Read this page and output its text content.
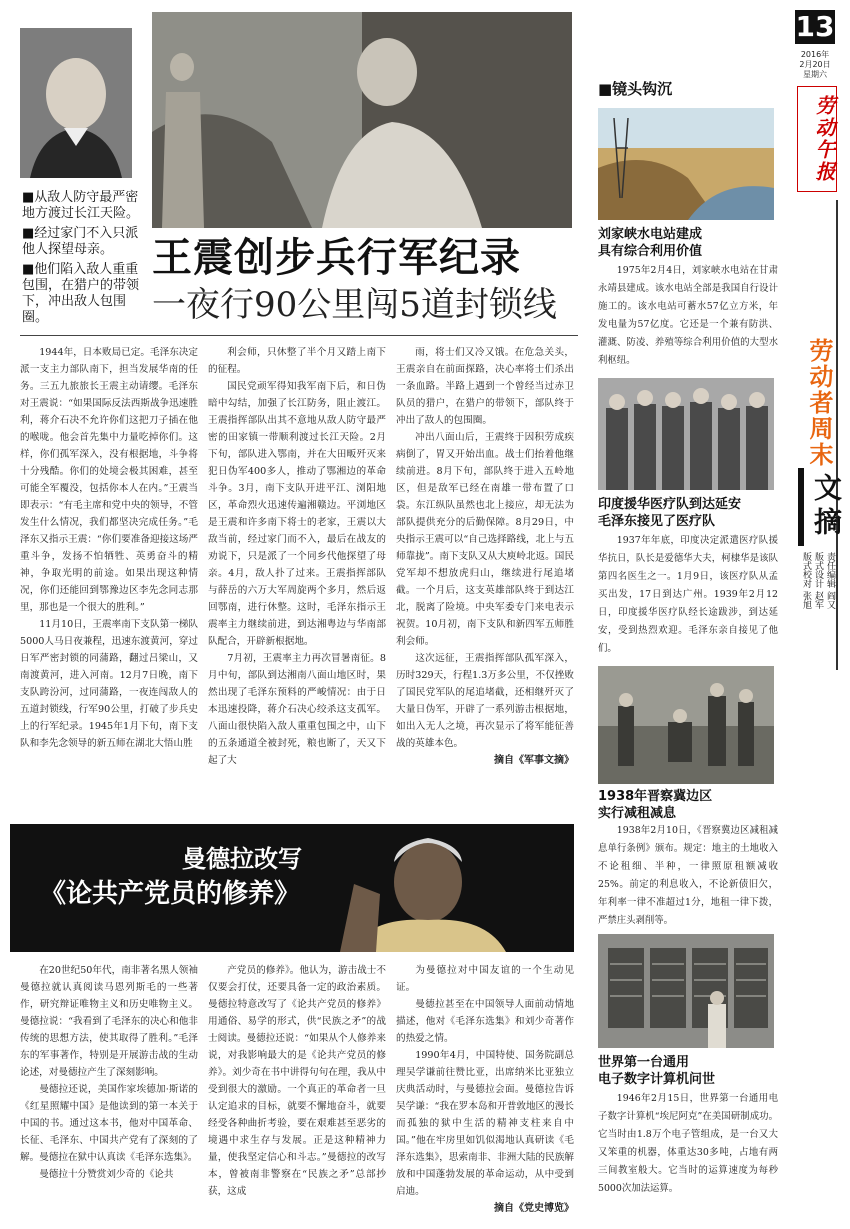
13
2016年
2月20日
星期六
劳动午报
劳动者周末
文摘
责任编辑 阎又
版式设计 赵军
版式校对 张旭
■从敌人防守最严密地方渡过长江天险。
■经过家门不入只派他人探望母亲。
■他们陷入敌人重重包围，在猎户的带领下，冲出敌人包围圈。
王震创步兵行军纪录
一夜行90公里闯5道封锁线

1944年，日本败局已定。毛泽东决定派一支主力部队南下，担当发展华南的任务。三五九旅旅长王震主动请缨。毛泽东对王震说：“如果国际反法西斯战争迅速胜利，蒋介石决不允许你们这把刀子插在他的喉咙。他会首先集中力量吃掉你们。这样，你们孤军深入，没有根据地，斗争将十分残酷。你们的处境会极其困难，甚至可能全军覆没，包括你本人在内。”王震当即表示：“有毛主席和党中央的领导，不管发生什么情况，我们都坚决完成任务。”毛泽东又指示王震：“你们要准备迎接这场严重斗争，发扬不怕牺牲、英勇奋斗的精神，争取光明的前途。如果出现这种情况，你们还能回到鄂豫边区李先念同志那里，那也是一个很大的胜利。”

11月10日，王震率南下支队第一梯队5000人马日夜兼程，迅速东渡黄河，穿过日军严密封锁的同蒲路，翻过吕梁山，又南渡黄河，进入河南。12月7日晚，南下支队跨汾河，过同蒲路，一夜连闯敌人的五道封锁线，行军90公里，打破了步兵史上的行军纪录。1945年1月下旬，南下支队和李先念领导的新五师在湖北大悟山胜

利会师，只休整了半个月又踏上南下的征程。

国民党顽军得知我军南下后，和日伪暗中勾结，加强了长江防务，阻止渡江。王震指挥部队出其不意地从敌人防守最严密的田家镇一带顺利渡过长江天险。2月下旬，部队进入鄂南，并在大田畈歼灭来犯日伪军400多人，推动了鄂湘边的革命斗争。3月，南下支队开进平江、浏阳地区，革命烈火迅速传遍湘赣边。平浏地区是王震和许多南下将士的老家，王震以大敌当前，经过家门而不入，最后在战友的劝说下，只是派了一个同乡代他探望了母亲。4月，敌人扑了过来。王震指挥部队与薛岳的六万大军周旋两个多月，然后返回鄂南，进行休整。这时，毛泽东指示王震率主力继续前进，到达湘粤边与华南部队配合，开辟新根据地。

7月初，王震率主力再次冒暑南征。8月中旬，部队到达湘南八面山地区时，果然出现了毛泽东预料的严峻情况：由于日本迅速投降，蒋介石决心绞杀这支孤军。八面山很快陷入敌人重重包围之中，山下的五条通道全被封死，粮也断了，天又下起了大

雨，将士们又冷又饿。在危急关头，王震亲自在前面探路，决心率将士们杀出一条血路。半路上遇到一个曾经当过赤卫队员的猎户，在猎户的带领下，部队终于冲出了敌人的包围圈。

冲出八面山后，王震终于因积劳成疾病倒了，胃又开始出血。战士们抬着他继续前进。8月下旬，部队终于进入五岭地区，但是敌军已经在南雄一带布置了口袋。东江纵队虽然也北上接应，却无法为部队提供充分的后勤保障。8月29日，中央指示王震可以“自己选择路线，北上与五师靠拢”。南下支队又从大庾岭北返。国民党军却不想放虎归山，继续进行尾追堵截。一个月后，这支英雄部队终于到达江北，脱离了险境。中央军委专门来电表示祝贺。10月初，南下支队和新四军五师胜利会师。

这次远征，王震指挥部队孤军深入，历时329天，行程1.3万多公里，不仅挫败了国民党军队的尾追堵截，还相继歼灭了大量日伪军，开辟了一系列游击根据地，如出入无人之境，再次显示了将军能征善战的英雄本色。

摘自《军事文摘》
曼德拉改写
《论共产党员的修养》

在20世纪50年代，南非著名黑人领袖曼德拉就认真阅读马恩列斯毛的一些著作，研究辩证唯物主义和历史唯物主义。曼德拉说：“我看到了毛泽东的决心和他非传统的思想方法，使其取得了胜利。”毛泽东的军事著作，特别是开展游击战的生动论述，对曼德拉产生了深刻影响。

曼德拉还说，美国作家埃德加·斯诺的《红星照耀中国》是他读到的第一本关于中国的书。通过这本书，他对中国革命、长征、毛泽东、中国共产党有了深刻的了解。曼德拉在狱中认真读《毛泽东选集》。

曼德拉十分赞赏刘少奇的《论共

产党员的修养》。他认为，游击战士不仅要会打仗，还要具备一定的政治素质。曼德拉特意改写了《论共产党员的修养》用通俗、易学的形式，供“民族之矛”的战士阅读。曼德拉还说：“如果从个人修养来说，对我影响最大的是《论共产党员的修养》。刘少奇在书中讲得句句在理，我从中受到很大的激励。一个真正的革命者一旦认定追求的目标，就要不懈地奋斗，就要经受各种曲折考验，要在艰难甚至恶劣的境遇中求生存与发展。正是这种精神力量，使我坚定信心和斗志。”曼德拉的改写本，曾被南非警察在“民族之矛”总部抄获，这成

为曼德拉对中国友谊的一个生动见证。

曼德拉甚至在中国领导人面前动情地描述，他对《毛泽东选集》和刘少奇著作的热爱之情。

1990年4月，中国特使、国务院副总理吴学谦前往赞比亚，出席纳米比亚独立庆典活动时，与曼德拉会面。曼德拉告诉吴学谦：“我在罗本岛和开普敦地区的漫长而孤独的狱中生活的精神支柱来自中国。”他在牢房里如饥似渴地认真研读《毛泽东选集》，思索南非、非洲大陆的民族解放和中国蓬勃发展的革命运动，从中受到启迪。

摘自《党史博览》
■镜头钩沉
刘家峡水电站建成
具有综合利用价值
1975年2月4日，刘家峡水电站在甘肃永靖县建成。该水电站全部是我国自行设计施工的。该水电站可蓄水57亿立方米，年发电量为57亿度。它还是一个兼有防洪、灌溉、防凌、养殖等综合利用价值的大型水利枢纽。
印度援华医疗队到达延安
毛泽东接见了医疗队
1937年年底，印度决定派遣医疗队援华抗日，队长是爱德华大夫，柯棣华是该队第四名医生之一。1月9日，该医疗队从孟买出发，17日到达广州。1939年2月12日，印度援华医疗队经长途跋涉，到达延安，受到热烈欢迎。毛泽东亲自接见了他们。
1938年晋察冀边区
实行减租减息
1938年2月10日，《晋察冀边区减租减息单行条例》颁布。规定：地主的土地收入不论租细、半种，一律照原租额减收25%。前定的利息收入，不论新债旧欠，年利率一律不准超过1分，地租一律下拨，严禁庄头剥削等。
世界第一台通用
电子数字计算机问世
1946年2月15日，世界第一台通用电子数字计算机“埃尼阿克”在美国研制成功。它当时由1.8万个电子管组成，是一台又大又笨重的机器，体重达30多吨，占地有两三间教室般大。它当时的运算速度为每秒5000次加法运算。
